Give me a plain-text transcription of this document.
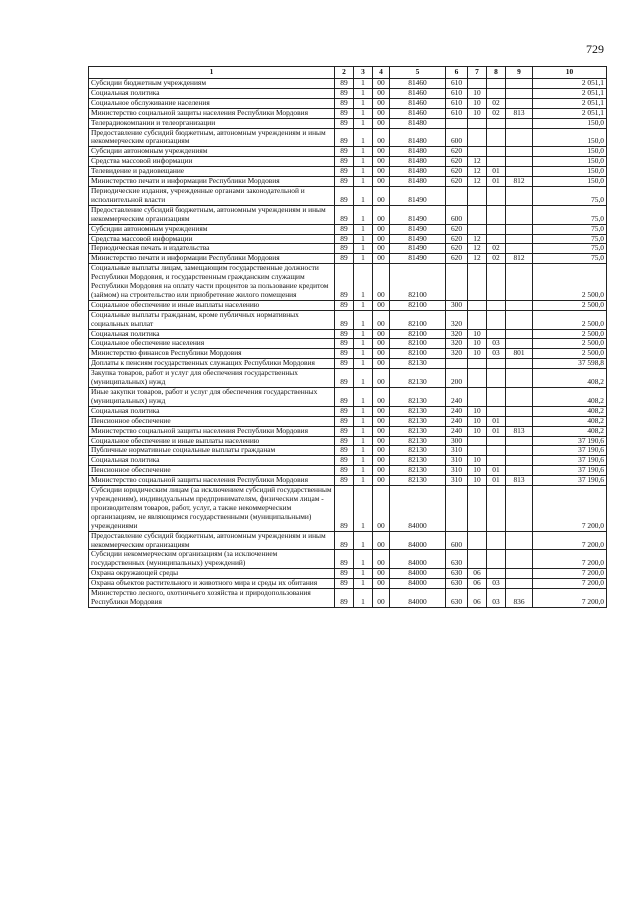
729
1	2	3	4	5	6	7	8	9	10
Субсидии бюджетным учреждениям	89	1	00	81460	610				2 051,1
Социальная политика	89	1	00	81460	610	10			2 051,1
Социальное обслуживание населения	89	1	00	81460	610	10	02		2 051,1
Министерство социальной защиты населения Республики Мордовия	89	1	00	81460	610	10	02	813	2 051,1
Телерадиокомпании и телеорганизации	89	1	00	81480					150,0
Предоставление субсидий бюджетным, автономным учреждениям и иным некоммерческим организациям	89	1	00	81480	600				150,0
Субсидии автономным учреждениям	89	1	00	81480	620				150,0
Средства массовой информации	89	1	00	81480	620	12			150,0
Телевидение и радиовещание	89	1	00	81480	620	12	01		150,0
Министерство печати и информации Республики Мордовия	89	1	00	81480	620	12	01	812	150,0
Периодические издания, учрежденные органами законодательной и исполнительной власти	89	1	00	81490					75,0
Предоставление субсидий бюджетным, автономным учреждениям и иным некоммерческим организациям	89	1	00	81490	600				75,0
Субсидии автономным учреждениям	89	1	00	81490	620				75,0
Средства массовой информации	89	1	00	81490	620	12			75,0
Периодическая печать и издательства	89	1	00	81490	620	12	02		75,0
Министерство печати и информации Республики Мордовия	89	1	00	81490	620	12	02	812	75,0
Социальные выплаты лицам, замещающим государственные должности Республики Мордовия, и государственным гражданским служащим Республики Мордовия на оплату части процентов за пользование кредитом (займом) на строительство или приобретение жилого помещения	89	1	00	82100					2 500,0
Социальное обеспечение и иные выплаты населению	89	1	00	82100	300				2 500,0
Социальные выплаты гражданам, кроме публичных нормативных социальных выплат	89	1	00	82100	320				2 500,0
Социальная политика	89	1	00	82100	320	10			2 500,0
Социальное обеспечение населения	89	1	00	82100	320	10	03		2 500,0
Министерство финансов Республики Мордовия	89	1	00	82100	320	10	03	801	2 500,0
Доплаты к пенсиям государственных служащих Республики Мордовия	89	1	00	82130					37 598,8
Закупка товаров, работ и услуг для обеспечения государственных (муниципальных) нужд	89	1	00	82130	200				408,2
Иные закупки товаров, работ и услуг для обеспечения государственных (муниципальных) нужд	89	1	00	82130	240				408,2
Социальная политика	89	1	00	82130	240	10			408,2
Пенсионное обеспечение	89	1	00	82130	240	10	01		408,2
Министерство социальной защиты населения Республики Мордовия	89	1	00	82130	240	10	01	813	408,2
Социальное обеспечение и иные выплаты населению	89	1	00	82130	300				37 190,6
Публичные нормативные социальные выплаты гражданам	89	1	00	82130	310				37 190,6
Социальная политика	89	1	00	82130	310	10			37 190,6
Пенсионное обеспечение	89	1	00	82130	310	10	01		37 190,6
Министерство социальной защиты населения Республики Мордовия	89	1	00	82130	310	10	01	813	37 190,6
Субсидии юридическим лицам (за исключением субсидий государственным учреждениям), индивидуальным предпринимателям, физическим лицам - производителям товаров, работ, услуг, а также некоммерческим организациям, не являющимся государственными (муниципальными) учреждениями	89	1	00	84000					7 200,0
Предоставление субсидий бюджетным, автономным учреждениям и иным некоммерческим организациям	89	1	00	84000	600				7 200,0
Субсидии некоммерческим организациям (за исключением государственных (муниципальных) учреждений)	89	1	00	84000	630				7 200,0
Охрана окружающей среды	89	1	00	84000	630	06			7 200,0
Охрана объектов растительного и животного мира и среды их обитания	89	1	00	84000	630	06	03		7 200,0
Министерство лесного, охотничьего хозяйства и природопользования Республики Мордовия	89	1	00	84000	630	06	03	836	7 200,0
